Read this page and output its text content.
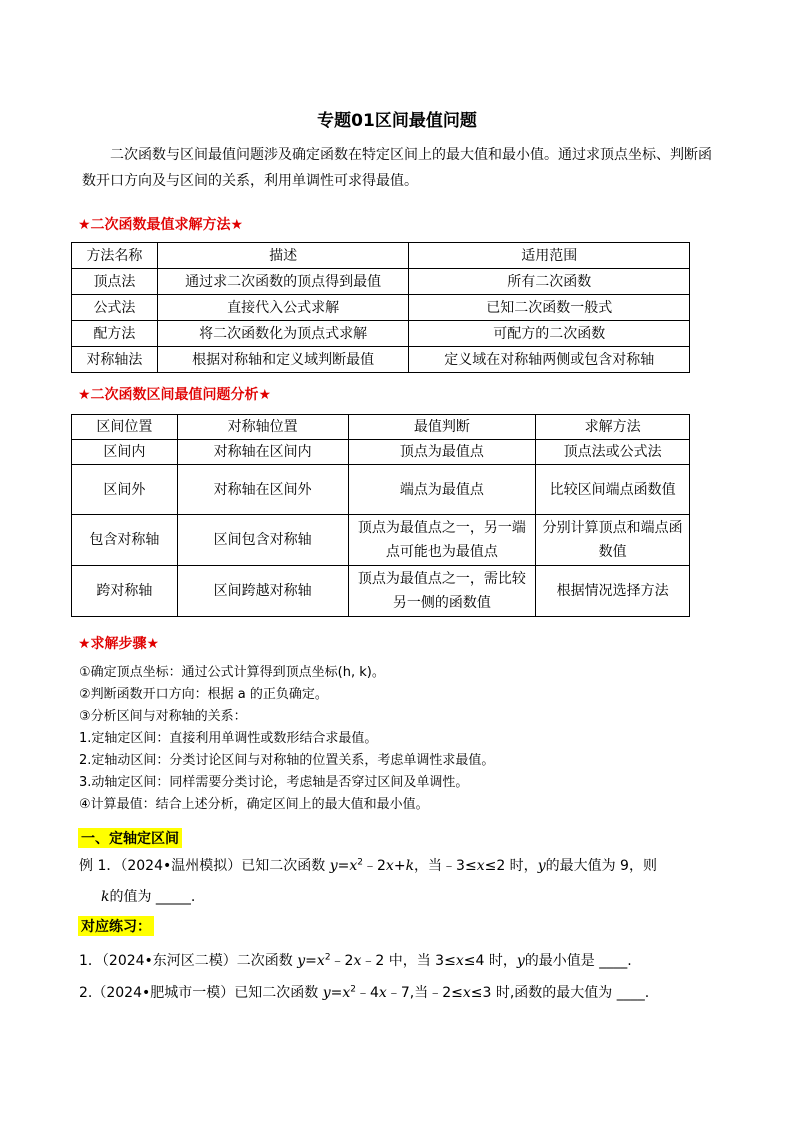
专题01区间最值问题
二次函数与区间最值问题涉及确定函数在特定区间上的最大值和最小值。通过求顶点坐标、判断函数开口方向及与区间的关系，利用单调性可求得最值。
★二次函数最值求解方法★
方法名称	描述	适用范围
顶点法	通过求二次函数的顶点得到最值	所有二次函数
公式法	直接代入公式求解	已知二次函数一般式
配方法	将二次函数化为顶点式求解	可配方的二次函数
对称轴法	根据对称轴和定义域判断最值	定义域在对称轴两侧或包含对称轴
★二次函数区间最值问题分析★
区间位置	对称轴位置	最值判断	求解方法
区间内	对称轴在区间内	顶点为最值点	顶点法或公式法
区间外	对称轴在区间外	端点为最值点	比较区间端点函数值
包含对称轴	区间包含对称轴	顶点为最值点之一，另一端点可能也为最值点	分别计算顶点和端点函数值
跨对称轴	区间跨越对称轴	顶点为最值点之一，需比较另一侧的函数值	根据情况选择方法
★求解步骤★
①确定顶点坐标：通过公式计算得到顶点坐标(h, k)。
②判断函数开口方向：根据 a 的正负确定。
③分析区间与对称轴的关系：
1.定轴定区间：直接利用单调性或数形结合求最值。
2.定轴动区间：分类讨论区间与对称轴的位置关系，考虑单调性求最值。
3.动轴定区间：同样需要分类讨论，考虑轴是否穿过区间及单调性。
④计算最值：结合上述分析，确定区间上的最大值和最小值。
一、定轴定区间
例 1．（2024•温州模拟）已知二次函数 $y=x^2﹣2x+k$，当﹣3≤x≤2 时，y的最大值为 9，则
k的值为 _____.
对应练习：
1．（2024•东河区二模）二次函数 $y=x^2﹣2x﹣2$ 中，当 3≤x≤4 时，y的最小值是 ____.
2.（2024•肥城市一模）已知二次函数 $y=x^2﹣4x﹣7$,当﹣2≤x≤3 时,函数的最大值为 ____.
